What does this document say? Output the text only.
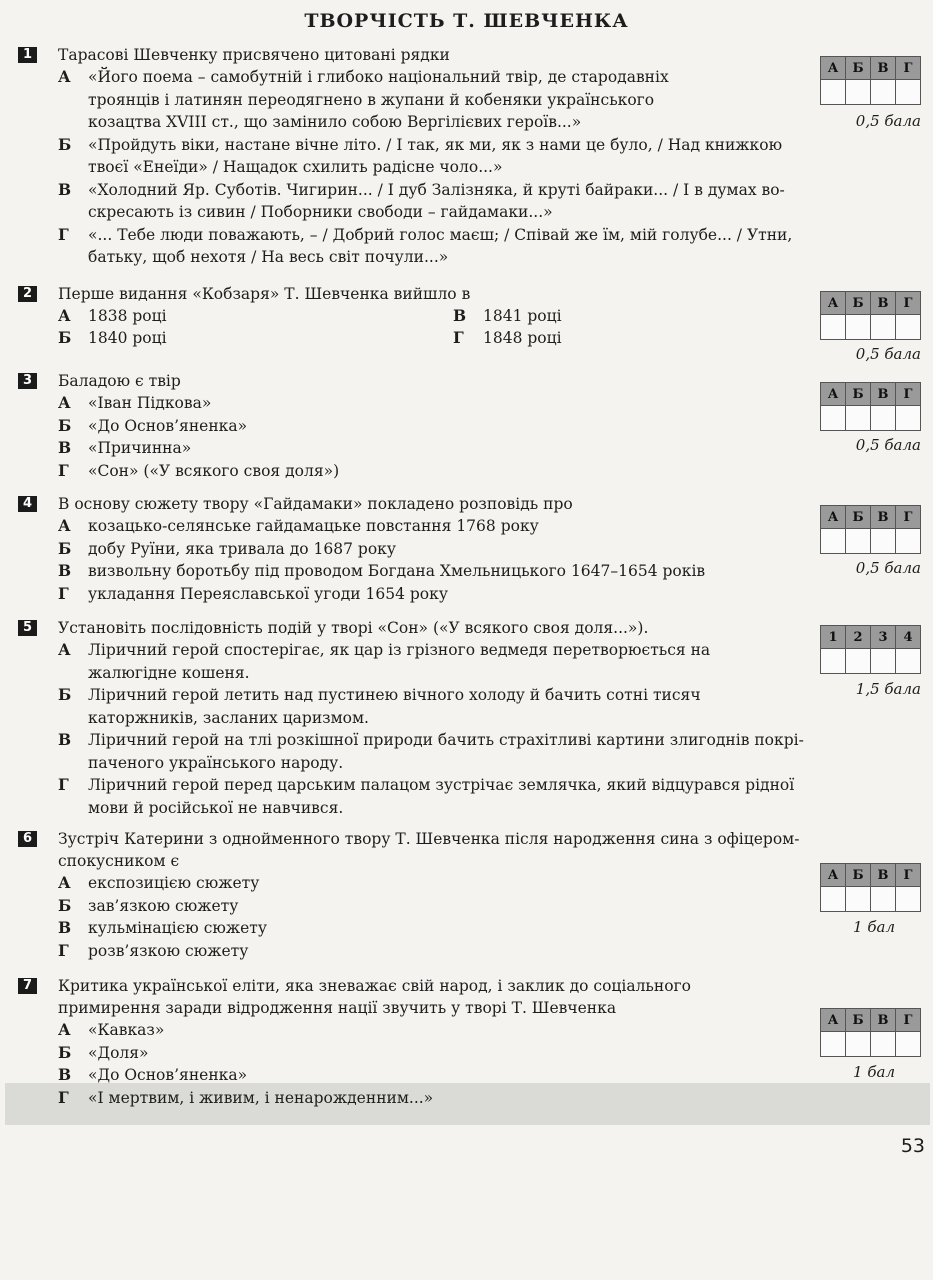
ТВОРЧІСТЬ Т. ШЕВЧЕНКА
1	Тарасові Шевченку присвячено цитовані рядки
А «Його поема – самобутній і глибоко національний твір, де стародавніх
троянців і латинян переодягнено в жупани й кобеняки українського
козацтва XVIII ст., що замінило собою Вергілієвих героїв...»
Б «Пройдуть віки, настане вічне літо. / І так, як ми, як з нами це було, / Над книжкою
твоєї «Енеїди» / Нащадок схилить радісне чоло...»
В «Холодний Яр. Суботів. Чигирин... / І дуб Залізняка, й круті байраки... / І в думах во-
скресають із сивин / Поборники свободи – гайдамаки...»
Г «... Тебе люди поважають, – / Добрий голос маєш; / Співай же їм, мій голубе... / Утни,
батьку, щоб нехотя / На весь світ почули...»
А	Б	В	Г

0,5 бала
2	Перше видання «Кобзаря» Т. Шевченка вийшло в
А 1838 році
Б 1840 році
В 1841 році
Г 1848 році
А	Б	В	Г

0,5 бала
3	Баладою є твір
А «Іван Підкова»
Б «До Основ’яненка»
В «Причинна»
Г «Сон» («У всякого своя доля»)
А	Б	В	Г

0,5 бала
4	В основу сюжету твору «Гайдамаки» покладено розповідь про
А козацько-селянське гайдамацьке повстання 1768 року
Б добу Руїни, яка тривала до 1687 року
В визвольну боротьбу під проводом Богдана Хмельницького 1647–1654 років
Г укладання Переяславської угоди 1654 року
А	Б	В	Г

0,5 бала
5	Установіть послідовність подій у творі «Сон» («У всякого своя доля...»).
А Ліричний герой спостерігає, як цар із грізного ведмедя перетворюється на
жалюгідне кошеня.
Б Ліричний герой летить над пустинею вічного холоду й бачить сотні тисяч
каторжників, засланих царизмом.
В Ліричний герой на тлі розкішної природи бачить страхітливі картини злигоднів покрі-
паченого українського народу.
Г Ліричний герой перед царським палацом зустрічає землячка, який відцурався рідної
мови й російської не навчився.
1	2	3	4

1,5 бала
6	Зустріч Катерини з однойменного твору Т. Шевченка після народження сина з офіцером-
спокусником є
А експозицією сюжету
Б зав’язкою сюжету
В кульмінацією сюжету
Г розв’язкою сюжету
А	Б	В	Г

1 бал
7	Критика української еліти, яка зневажає свій народ, і заклик до соціального
примирення заради відродження нації звучить у творі Т. Шевченка
А «Кавказ»
Б «Доля»
В «До Основ’яненка»
Г «І мертвим, і живим, і ненарожденним...»
А	Б	В	Г

1 бал
53
